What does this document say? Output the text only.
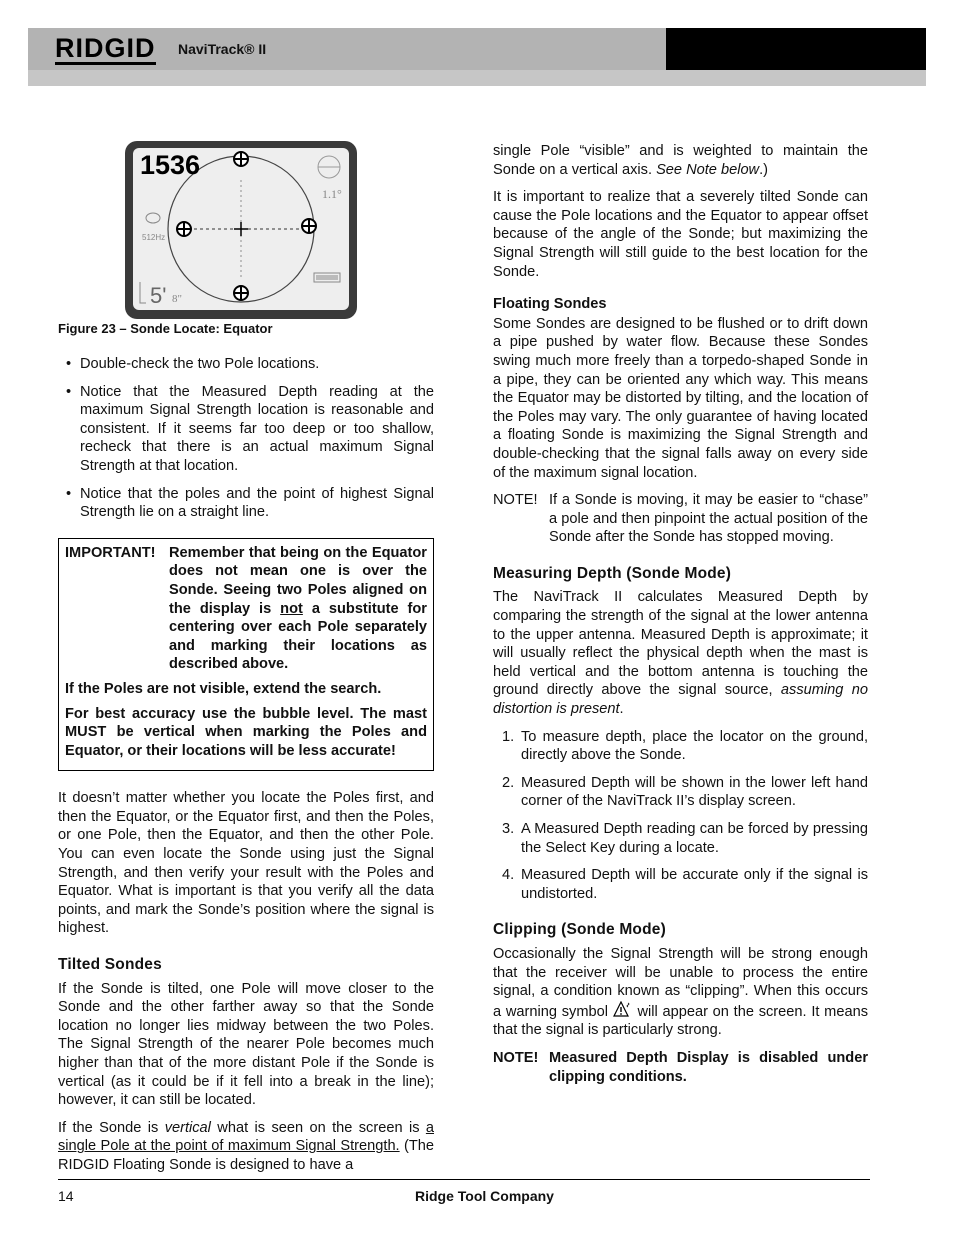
RIDGID NaviTrack® II
1536
1.1°
512Hz
5' 8"
Figure 23 – Sonde Locate: Equator
• Double-check the two Pole locations.
• Notice that the Measured Depth reading at the maximum Signal Strength location is reasonable and consistent. If it seems far too deep or too shallow, recheck that there is an actual maximum Signal Strength at that location.
• Notice that the poles and the point of highest Signal Strength lie on a straight line.
IMPORTANT! Remember that being on the Equator does not mean one is over the Sonde. Seeing two Poles aligned on the display is not a substitute for centering over each Pole separately and marking their locations as described above.

If the Poles are not visible, extend the search.

For best accuracy use the bubble level. The mast MUST be vertical when marking the Poles and Equator, or their locations will be less accurate!

It doesn’t matter whether you locate the Poles first, and then the Equator, or the Equator first, and then the Poles, or one Pole, then the Equator, and then the other Pole. You can even locate the Sonde using just the Signal Strength, and then verify your result with the Poles and Equator. What is important is that you verify all the data points, and mark the Sonde’s position where the signal is highest.

Tilted Sondes

If the Sonde is tilted, one Pole will move closer to the Sonde and the other farther away so that the Sonde location no longer lies midway between the two Poles. The Signal Strength of the nearer Pole becomes much higher than that of the more distant Pole if the Sonde is vertical (as it could be if it fell into a break in the line); however, it can still be located.

If the Sonde is vertical what is seen on the screen is a single Pole at the point of maximum Signal Strength. (The RIDGID Floating Sonde is designed to have a

single Pole “visible” and is weighted to maintain the Sonde on a vertical axis. See Note below.)

It is important to realize that a severely tilted Sonde can cause the Pole locations and the Equator to appear offset because of the angle of the Sonde; but maximizing the Signal Strength will still guide to the best location for the Sonde.

Floating Sondes

Some Sondes are designed to be flushed or to drift down a pipe pushed by water flow. Because these Sondes swing much more freely than a torpedo-shaped Sonde in a pipe, they can be oriented any which way. This means the Equator may be distorted by tilting, and the location of the Poles may vary. The only guarantee of having located a floating Sonde is maximizing the Signal Strength and double-checking that the signal falls away on every side of the maximum signal location.

NOTE! If a Sonde is moving, it may be easier to “chase” a pole and then pinpoint the actual position of the Sonde after the Sonde has stopped moving.
Measuring Depth (Sonde Mode)

The NaviTrack II calculates Measured Depth by comparing the strength of the signal at the lower antenna to the upper antenna. Measured Depth is approximate; it will usually reflect the physical depth when the mast is held vertical and the bottom antenna is touching the ground directly above the signal source, assuming no distortion is present.

1. To measure depth, place the locator on the ground, directly above the Sonde.
2. Measured Depth will be shown in the lower left hand corner of the NaviTrack II’s display screen.
3. A Measured Depth reading can be forced by pressing the Select Key during a locate.
4. Measured Depth will be accurate only if the signal is undistorted.
Clipping (Sonde Mode)

Occasionally the Signal Strength will be strong enough that the receiver will be unable to process the entire signal, a condition known as “clipping”. When this occurs a warning symbol  will appear on the screen. It means that the signal is particularly strong.

NOTE! Measured Depth Display is disabled under clipping conditions.
14	Ridge Tool Company
